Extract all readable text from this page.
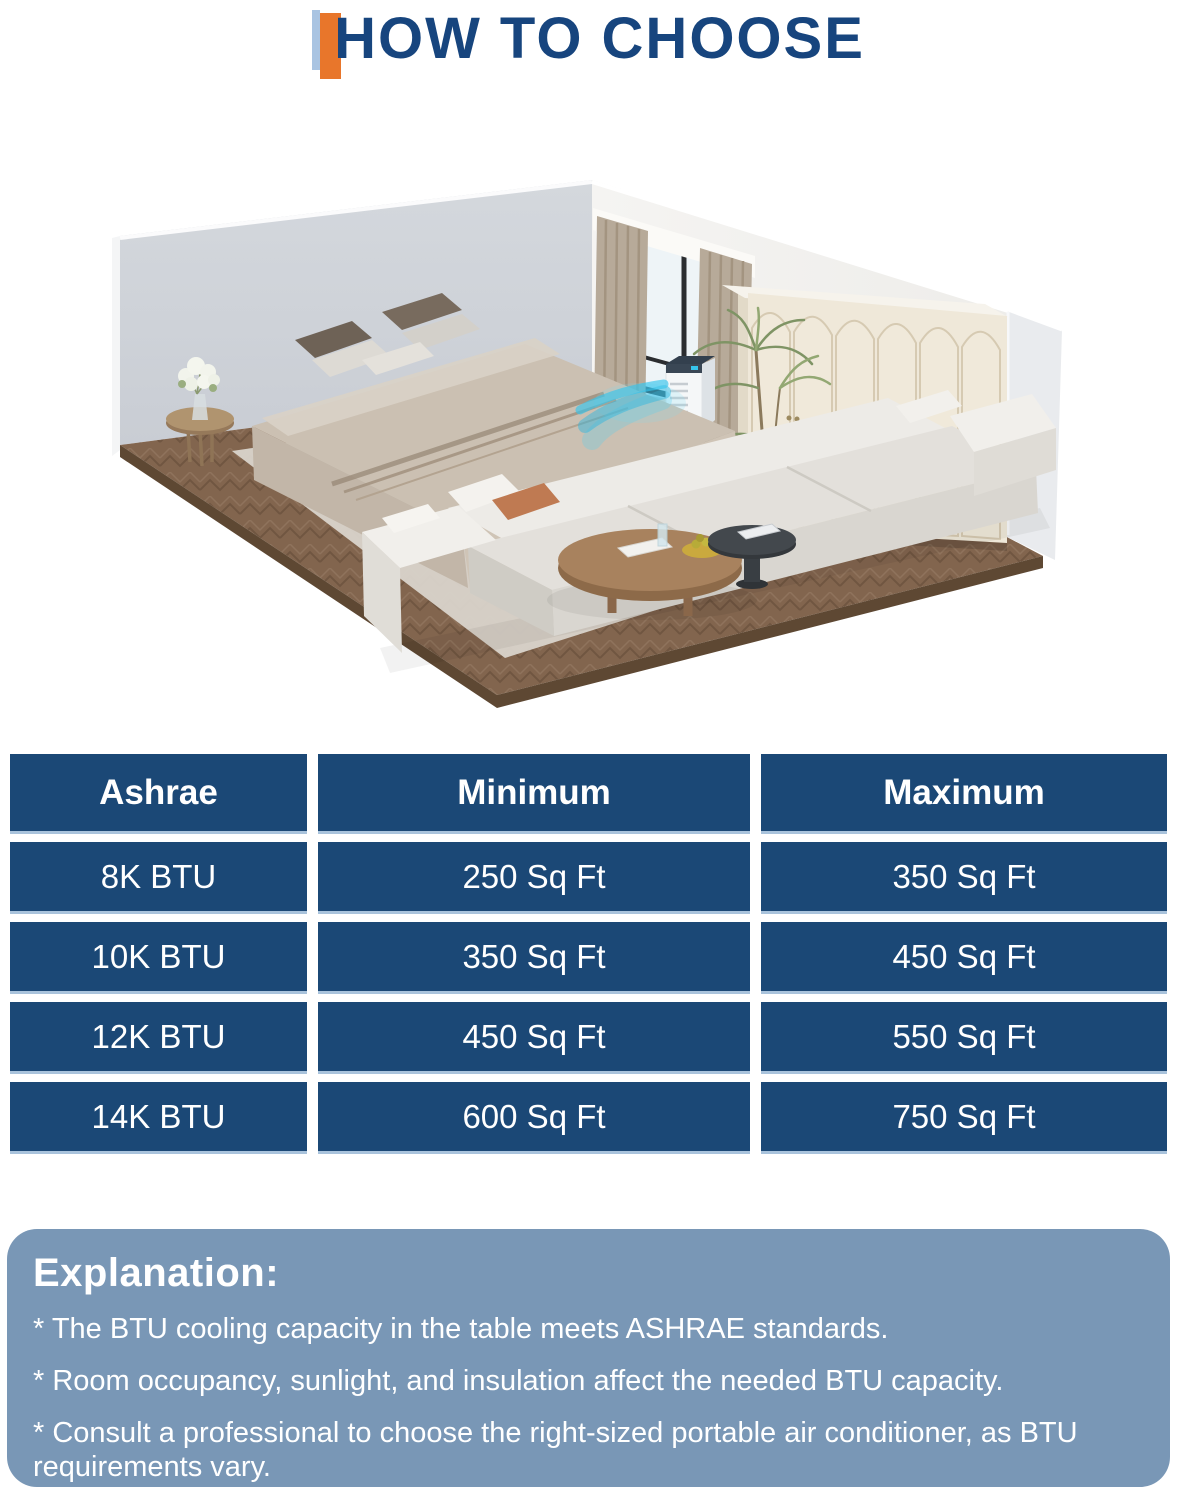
HOW TO CHOOSE
Ashrae	Minimum	Maximum
8K BTU	250 Sq Ft	350 Sq Ft
10K BTU	350 Sq Ft	450 Sq Ft
12K BTU	450 Sq Ft	550 Sq Ft
14K BTU	600 Sq Ft	750 Sq Ft
Explanation:

* The BTU cooling capacity in the table meets ASHRAE standards.

* Room occupancy, sunlight, and insulation affect the needed BTU capacity.

* Consult a professional to choose the right-sized portable air conditioner, as BTU requirements vary.
